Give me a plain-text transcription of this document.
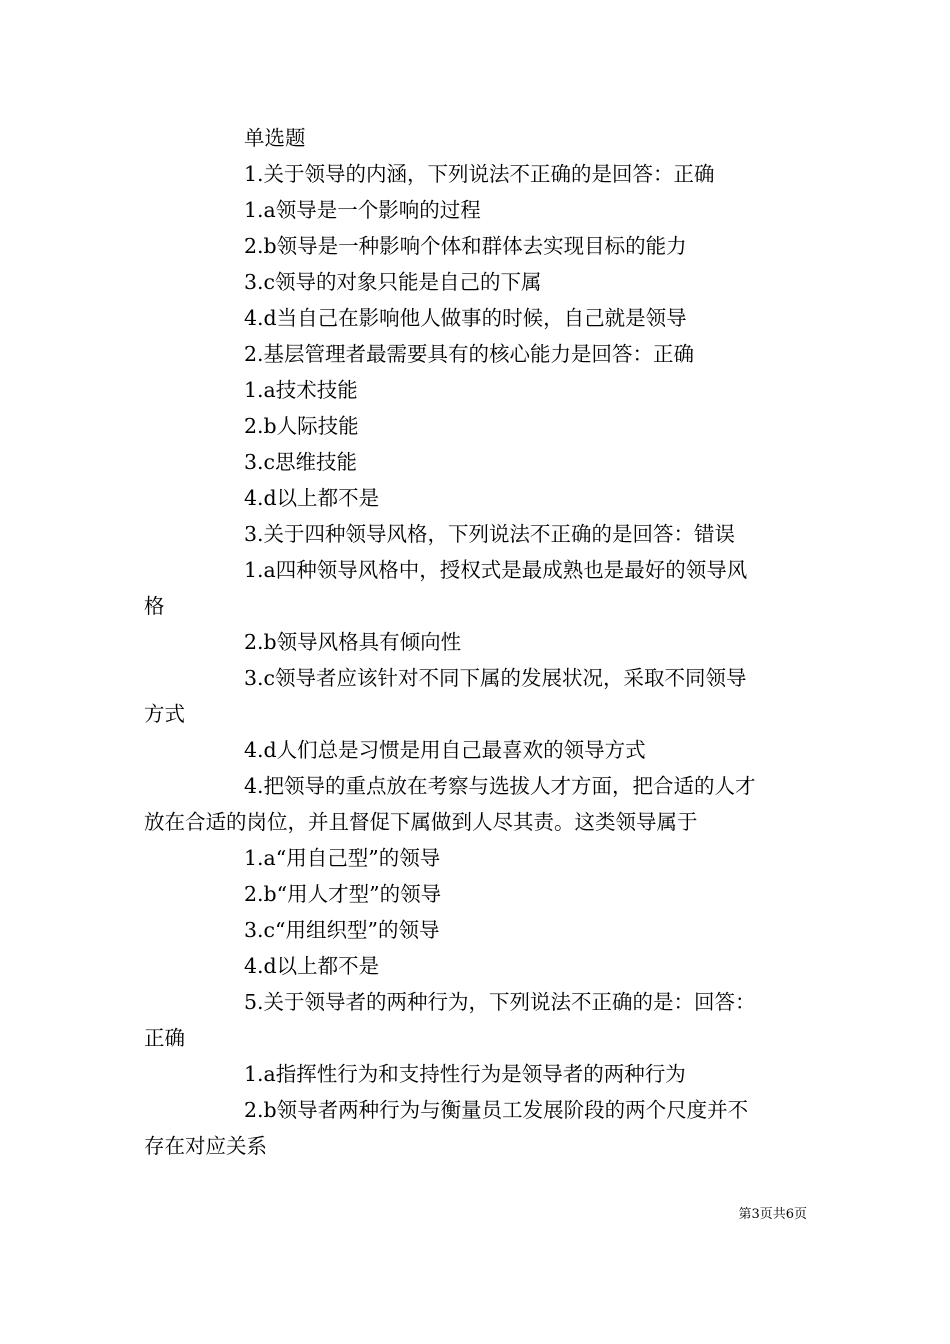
单选题

1.关于领导的内涵，下列说法不正确的是回答：正确

1.a领导是一个影响的过程

2.b领导是一种影响个体和群体去实现目标的能力

3.c领导的对象只能是自己的下属

4.d当自己在影响他人做事的时候，自己就是领导

2.基层管理者最需要具有的核心能力是回答：正确

1.a技术技能

2.b人际技能

3.c思维技能

4.d以上都不是

3.关于四种领导风格，下列说法不正确的是回答：错误

1.a四种领导风格中，授权式是最成熟也是最好的领导风

格

2.b领导风格具有倾向性

3.c领导者应该针对不同下属的发展状况，采取不同领导

方式

4.d人们总是习惯是用自己最喜欢的领导方式

4.把领导的重点放在考察与选拔人才方面，把合适的人才

放在合适的岗位，并且督促下属做到人尽其责。这类领导属于

1.a“用自己型”的领导

2.b“用人才型”的领导

3.c“用组织型”的领导

4.d以上都不是

5.关于领导者的两种行为，下列说法不正确的是：回答：

正确

1.a指挥性行为和支持性行为是领导者的两种行为

2.b领导者两种行为与衡量员工发展阶段的两个尺度并不

存在对应关系

第3页共6页
